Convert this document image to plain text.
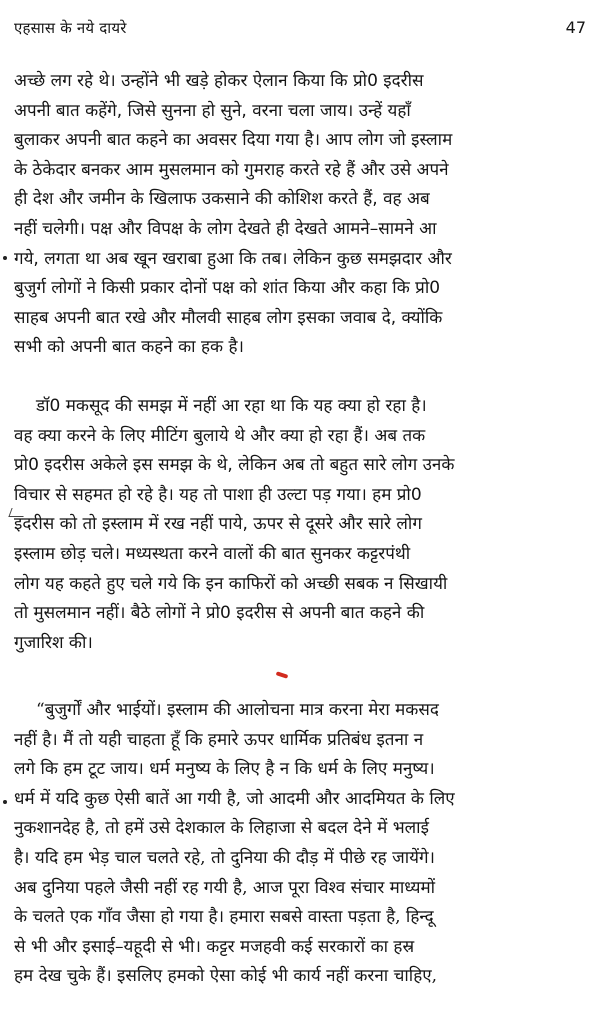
एहसास के नये दायरे	47
अच्छे लग रहे थे। उन्होंने भी खड़े होकर ऐलान किया कि प्रो0 इदरीस
अपनी बात कहेंगे, जिसे सुनना हो सुने, वरना चला जाय। उन्हें यहाँ
बुलाकर अपनी बात कहने का अवसर दिया गया है। आप लोग जो इस्लाम
के ठेकेदार बनकर आम मुसलमान को गुमराह करते रहे हैं और उसे अपने
ही देश और जमीन के खिलाफ उकसाने की कोशिश करते हैं, वह अब
नहीं चलेगी। पक्ष और विपक्ष के लोग देखते ही देखते आमने–सामने आ
गये, लगता था अब खून खराबा हुआ कि तब। लेकिन कुछ समझदार और
बुजुर्ग लोगों ने किसी प्रकार दोनों पक्ष को शांत किया और कहा कि प्रो0
साहब अपनी बात रखे और मौलवी साहब लोग इसका जवाब दे, क्योंकि
सभी को अपनी बात कहने का हक है।
डॉ0 मकसूद की समझ में नहीं आ रहा था कि यह क्या हो रहा है।
वह क्या करने के लिए मीटिंग बुलाये थे और क्या हो रहा हैं। अब तक
प्रो0 इदरीस अकेले इस समझ के थे, लेकिन अब तो बहुत सारे लोग उनके
विचार से सहमत हो रहे है। यह तो पाशा ही उल्टा पड़ गया। हम प्रो0
इदरीस को तो इस्लाम में रख नहीं पाये, ऊपर से दूसरे और सारे लोग
इस्लाम छोड़ चले। मध्यस्थता करने वालों की बात सुनकर कट्टरपंथी
लोग यह कहते हुए चले गये कि इन काफिरों को अच्छी सबक न सिखायी
तो मुसलमान नहीं। बैठे लोगों ने प्रो0 इदरीस से अपनी बात कहने की
गुजारिश की।
“बुजुर्गों और भाईयों। इस्लाम की आलोचना मात्र करना मेरा मकसद
नहीं है। मैं तो यही चाहता हूँ कि हमारे ऊपर धार्मिक प्रतिबंध इतना न
लगे कि हम टूट जाय। धर्म मनुष्य के लिए है न कि धर्म के लिए मनुष्य।
धर्म में यदि कुछ ऐसी बातें आ गयी है, जो आदमी और आदमियत के लिए
नुकशानदेह है, तो हमें उसे देशकाल के लिहाजा से बदल देने में भलाई
है। यदि हम भेड़ चाल चलते रहे, तो दुनिया की दौड़ में पीछे रह जायेंगे।
अब दुनिया पहले जैसी नहीं रह गयी है, आज पूरा विश्व संचार माध्यमों
के चलते एक गाँव जैसा हो गया है। हमारा सबसे वास्ता पड़ता है, हिन्दू
से भी और इसाई–यहूदी से भी। कट्टर मजहवी कई सरकारों का हस्र
हम देख चुके हैं। इसलिए हमको ऐसा कोई भी कार्य नहीं करना चाहिए,
